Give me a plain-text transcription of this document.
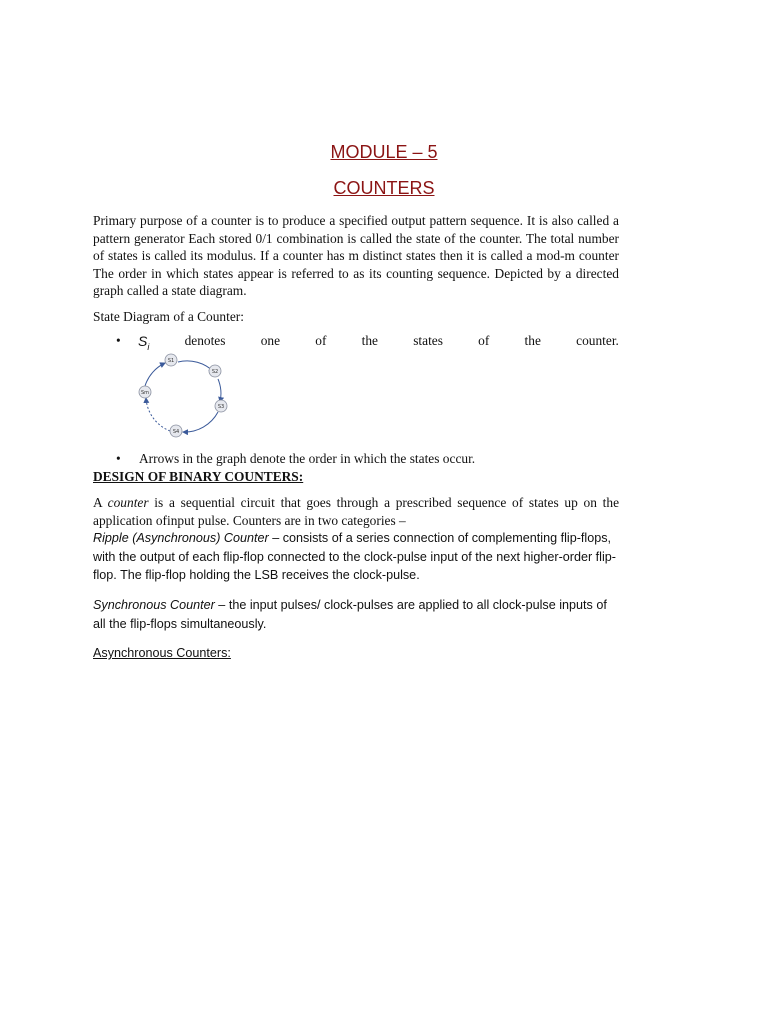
MODULE – 5
COUNTERS
Primary purpose of a counter is to produce a specified output pattern sequence. It is also called a pattern generator Each stored 0/1 combination is called the state of the counter. The total number of states is called its modulus. If a counter has m distinct states then it is called a mod-m counter The order in which states appear is referred to as its counting sequence. Depicted by a directed graph called a state diagram.
State Diagram of a Counter:
• $S_i$	denotes	one	of	the	states	of	the	counter.
S1
S2
S3
S4
Sm
• Arrows in the graph denote the order in which the states occur.
DESIGN OF BINARY COUNTERS:
A counter is a sequential circuit that goes through a prescribed sequence of states up on the application ofinput pulse. Counters are in two categories –
Ripple (Asynchronous) Counter – consists of a series connection of complementing flip-flops, with the output of each flip-flop connected to the clock-pulse input of the next higher-order flip- flop. The flip-flop holding the LSB receives the clock-pulse.
Synchronous Counter – the input pulses/ clock-pulses are applied to all clock-pulse inputs of all the flip-flops simultaneously.
Asynchronous Counters:
